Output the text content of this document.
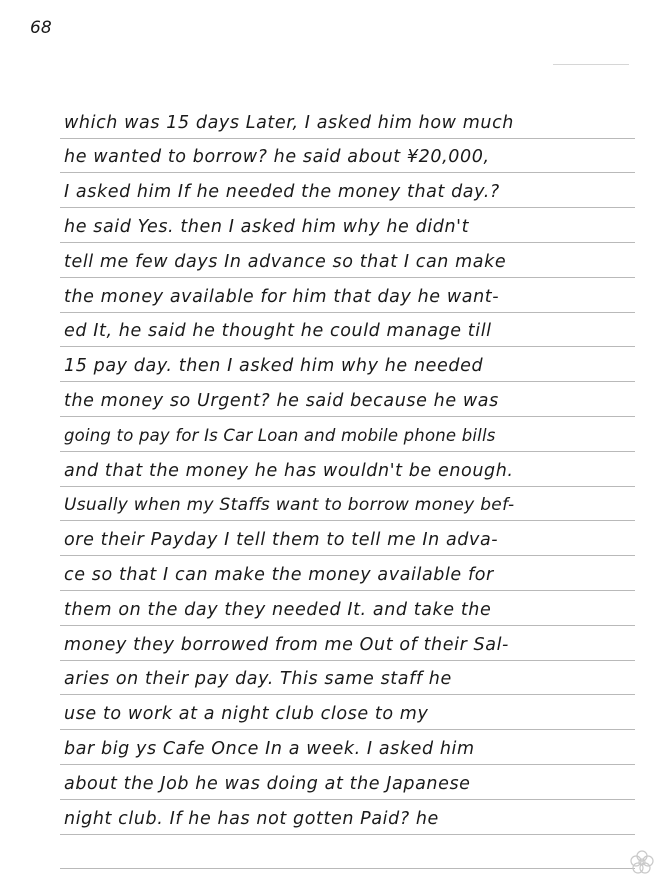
68
which was 15 days Later, I asked him how much
he wanted to borrow? he said about ¥20,000,
I asked him If he needed the money that day.?
he said Yes. then I asked him why he didn't
tell me few days In advance so that I can make
the money available for him that day he want-
ed It, he said he thought he could manage till
15 pay day. then I asked him why he needed
the money so Urgent? he said because he was
going to pay for Is Car Loan and mobile phone bills
and that the money he has wouldn't be enough.
Usually when my Staffs want to borrow money bef-
ore their Payday I tell them to tell me In adva-
ce so that I can make the money available for
them on the day they needed It. and take the
money they borrowed from me Out of their Sal-
aries on their pay day. This same staff he
use to work at a night club close to my
bar big ys Cafe Once In a week. I asked him
about the Job he was doing at the Japanese
night club. If he has not gotten Paid? he
